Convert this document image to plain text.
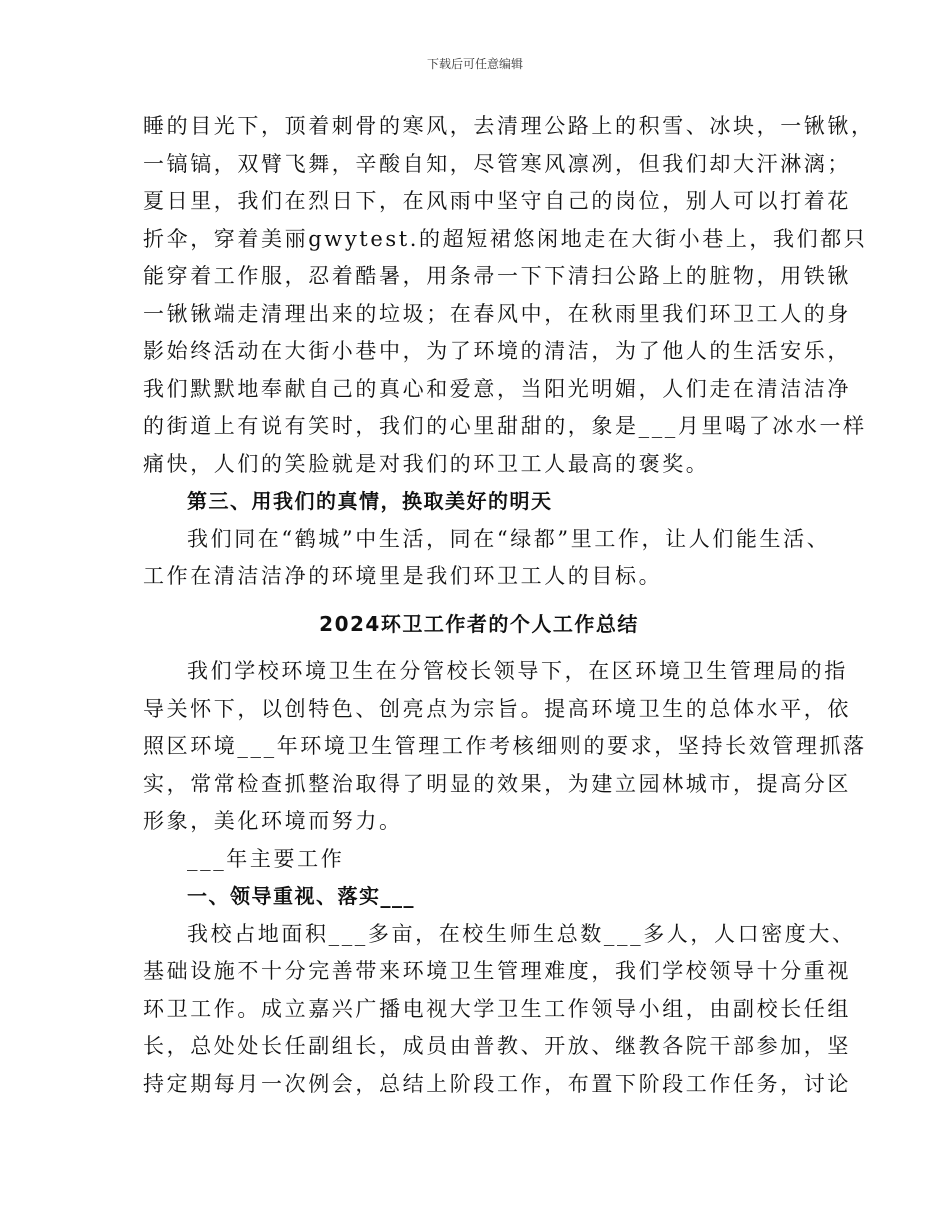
下载后可任意编辑
睡的目光下，顶着刺骨的寒风，去清理公路上的积雪、冰块，一锹锹，
一镐镐，双臂飞舞，辛酸自知，尽管寒风凛冽，但我们却大汗淋漓；
夏日里，我们在烈日下，在风雨中坚守自己的岗位，别人可以打着花
折伞，穿着美丽gwytest.的超短裙悠闲地走在大街小巷上，我们都只
能穿着工作服，忍着酷暑，用条帚一下下清扫公路上的脏物，用铁锹
一锹锹端走清理出来的垃圾；在春风中，在秋雨里我们环卫工人的身
影始终活动在大街小巷中，为了环境的清洁，为了他人的生活安乐，
我们默默地奉献自己的真心和爱意，当阳光明媚，人们走在清洁洁净
的街道上有说有笑时，我们的心里甜甜的，象是___月里喝了冰水一样
痛快，人们的笑脸就是对我们的环卫工人最高的褒奖。
第三、用我们的真情，换取美好的明天
我们同在“鹤城”中生活，同在“绿都”里工作，让人们能生活、
工作在清洁洁净的环境里是我们环卫工人的目标。
2024环卫工作者的个人工作总结
我们学校环境卫生在分管校长领导下，在区环境卫生管理局的指
导关怀下，以创特色、创亮点为宗旨。提高环境卫生的总体水平，依
照区环境___年环境卫生管理工作考核细则的要求，坚持长效管理抓落
实，常常检查抓整治取得了明显的效果，为建立园林城市，提高分区
形象，美化环境而努力。
___年主要工作
一、领导重视、落实___
我校占地面积___多亩，在校生师生总数___多人，人口密度大、
基础设施不十分完善带来环境卫生管理难度，我们学校领导十分重视
环卫工作。成立嘉兴广播电视大学卫生工作领导小组，由副校长任组
长，总处处长任副组长，成员由普教、开放、继教各院干部参加，坚
持定期每月一次例会，总结上阶段工作，布置下阶段工作任务，讨论
